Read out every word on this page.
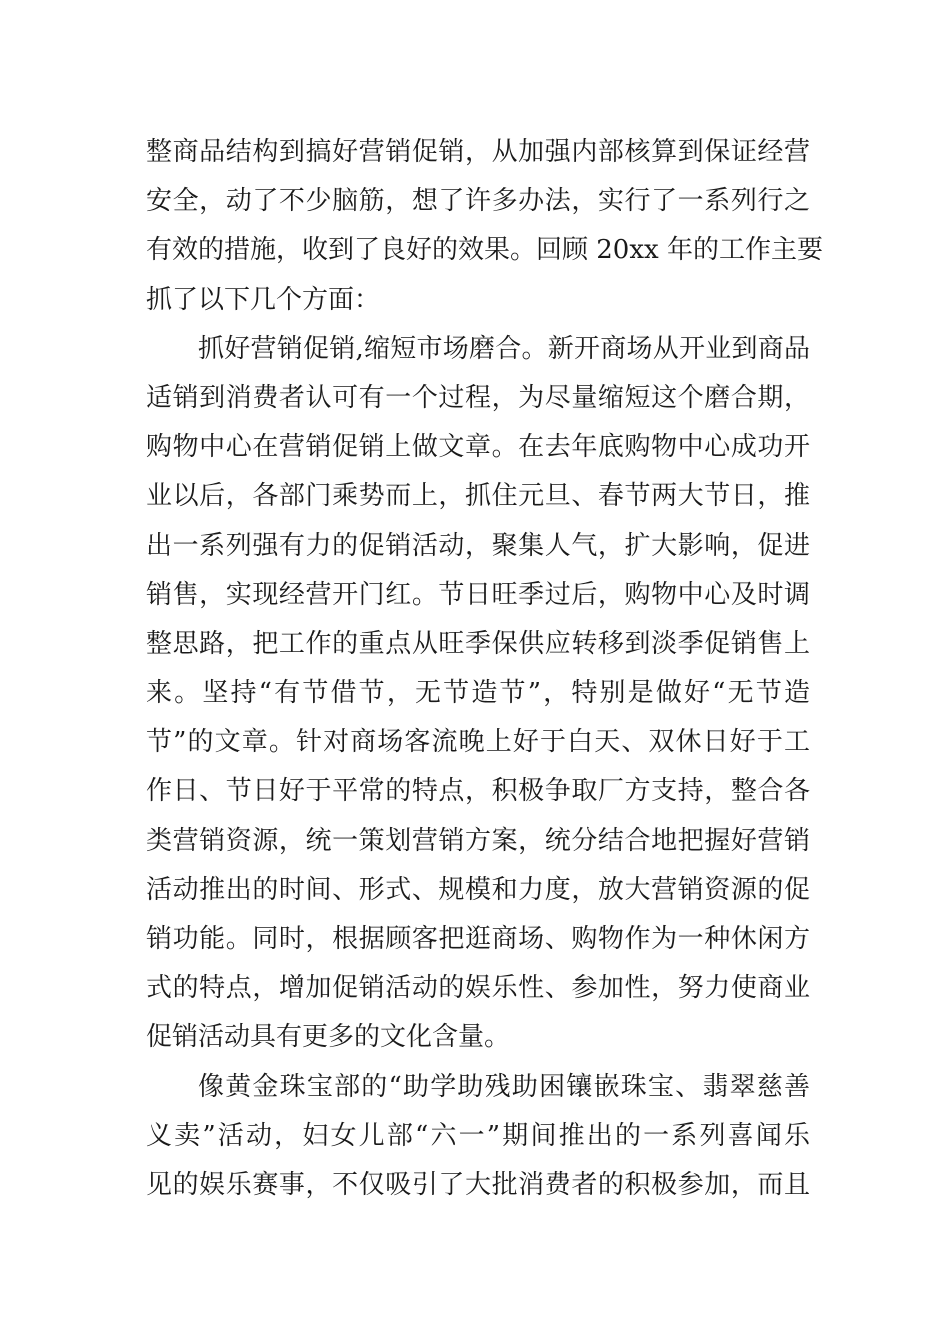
整商品结构到搞好营销促销，从加强内部核算到保证经营
安全，动了不少脑筋，想了许多办法，实行了一系列行之
有效的措施，收到了良好的效果。回顾 20xx 年的工作主要
抓了以下几个方面：
抓好营销促销,缩短市场磨合。新开商场从开业到商品
适销到消费者认可有一个过程，为尽量缩短这个磨合期，
购物中心在营销促销上做文章。在去年底购物中心成功开
业以后，各部门乘势而上，抓住元旦、春节两大节日，推
出一系列强有力的促销活动，聚集人气，扩大影响，促进
销售，实现经营开门红。节日旺季过后，购物中心及时调
整思路，把工作的重点从旺季保供应转移到淡季促销售上
来。坚持“有节借节，无节造节”，特别是做好“无节造
节”的文章。针对商场客流晚上好于白天、双休日好于工
作日、节日好于平常的特点，积极争取厂方支持，整合各
类营销资源，统一策划营销方案，统分结合地把握好营销
活动推出的时间、形式、规模和力度，放大营销资源的促
销功能。同时，根据顾客把逛商场、购物作为一种休闲方
式的特点，增加促销活动的娱乐性、参加性，努力使商业
促销活动具有更多的文化含量。
像黄金珠宝部的“助学助残助困镶嵌珠宝、翡翠慈善
义卖”活动，妇女儿部“六一”期间推出的一系列喜闻乐
见的娱乐赛事，不仅吸引了大批消费者的积极参加，而且
